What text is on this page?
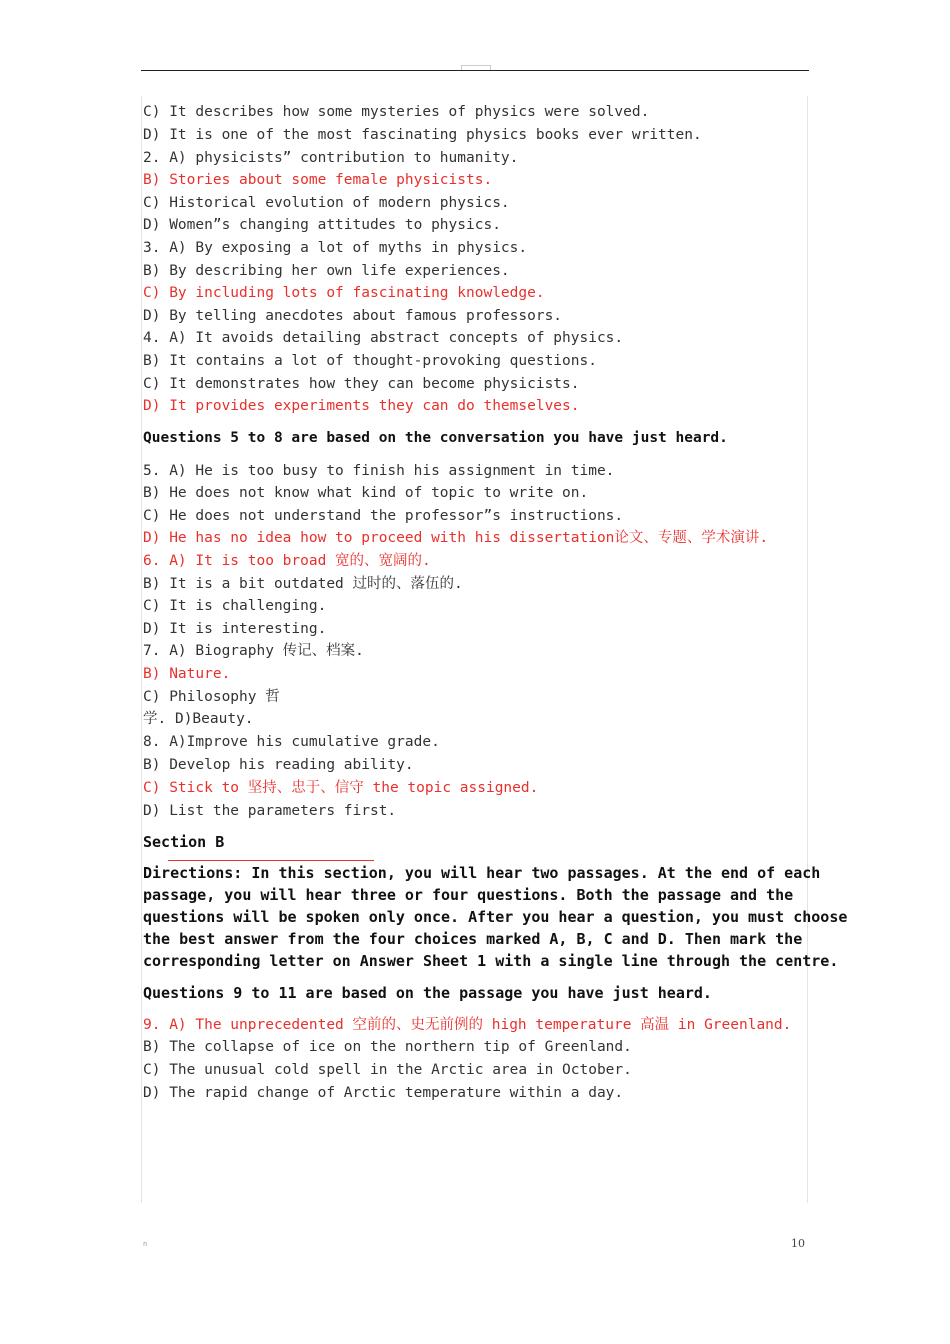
C) It describes how some mysteries of physics were solved.
D) It is one of the most fascinating physics books ever written.
2. A) physicists” contribution to humanity.
B) Stories about some female physicists.
C) Historical evolution of modern physics.
D) Women”s changing attitudes to physics.
3. A) By exposing a lot of myths in physics.
B) By describing her own life experiences.
C) By including lots of fascinating knowledge.
D) By telling anecdotes about famous professors.
4. A) It avoids detailing abstract concepts of physics.
B) It contains a lot of thought-provoking questions.
C) It demonstrates how they can become physicists.
D) It provides experiments they can do themselves.
Questions 5 to 8 are based on the conversation you have just heard.
5. A) He is too busy to finish his assignment in time.
B) He does not know what kind of topic to write on.
C) He does not understand the professor”s instructions.
D) He has no idea how to proceed with his dissertation论文、专题、学术演讲.
6. A) It is too broad 宽的、宽阔的.
B) It is a bit outdated 过时的、落伍的.
C) It is challenging.
D) It is interesting.
7. A) Biography 传记、档案.
B) Nature.
C) Philosophy 哲
学. D)Beauty.
8. A)Improve his cumulative grade.
B) Develop his reading ability.
C) Stick to 坚持、忠于、信守 the topic assigned.
D) List the parameters first.
Section B
Directions: In this section, you will hear two passages. At the end of each
passage, you will hear three or four questions. Both the passage and the
questions will be spoken only once. After you hear a question, you must choose
the best answer from the four choices marked A, B, C and D. Then mark the
corresponding letter on Answer Sheet 1 with a single line through the centre.
Questions 9 to 11 are based on the passage you have just heard.
9. A) The unprecedented 空前的、史无前例的 high temperature 高温 in Greenland.
B) The collapse of ice on the northern tip of Greenland.
C) The unusual cold spell in the Arctic area in October.
D) The rapid change of Arctic temperature within a day.
n	10
